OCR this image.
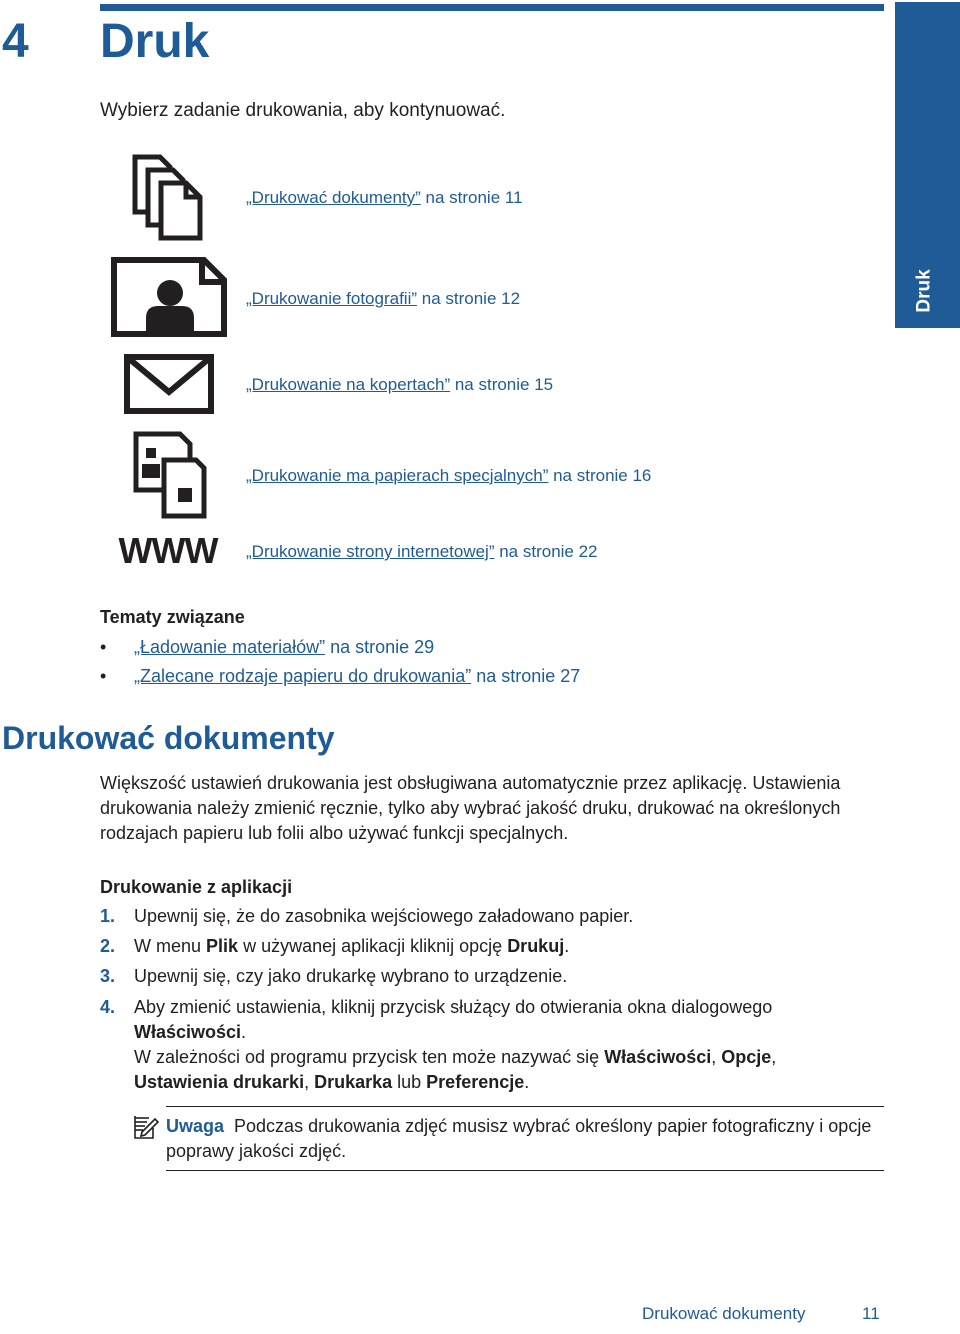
Druk
4 Druk
Wybierz zadanie drukowania, aby kontynuować.
WWW
„Drukować dokumenty” na stronie 11
„Drukowanie fotografii” na stronie 12
„Drukowanie na kopertach” na stronie 15
„Drukowanie ma papierach specjalnych” na stronie 16
„Drukowanie strony internetowej” na stronie 22
Tematy związane
• „Ładowanie materiałów” na stronie 29
• „Zalecane rodzaje papieru do drukowania” na stronie 27
Drukować dokumenty
Większość ustawień drukowania jest obsługiwana automatycznie przez aplikację. Ustawienia drukowania należy zmienić ręcznie, tylko aby wybrać jakość druku, drukować na określonych rodzajach papieru lub folii albo używać funkcji specjalnych.
Drukowanie z aplikacji
1. Upewnij się, że do zasobnika wejściowego załadowano papier.
2. W menu Plik w używanej aplikacji kliknij opcję Drukuj.
3. Upewnij się, czy jako drukarkę wybrano to urządzenie.
4. Aby zmienić ustawienia, kliknij przycisk służący do otwierania okna dialogowego Właściwości.
W zależności od programu przycisk ten może nazywać się Właściwości, Opcje,
Ustawienia drukarki, Drukarka lub Preferencje.
Uwaga Podczas drukowania zdjęć musisz wybrać określony papier fotograficzny i opcje poprawy jakości zdjęć.
Drukować dokumenty	11
